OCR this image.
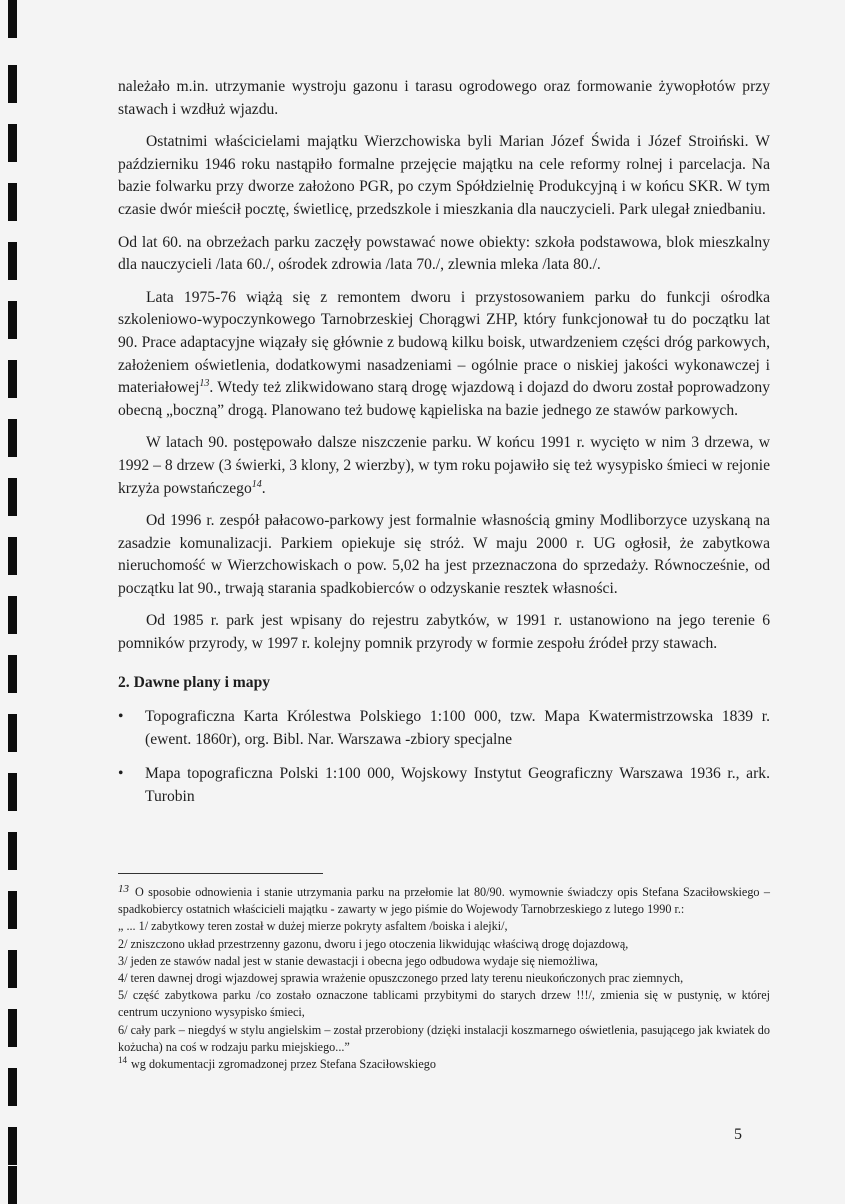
należało m.in. utrzymanie wystroju gazonu i tarasu ogrodowego oraz formowanie żywopłotów przy stawach i wzdłuż wjazdu.

Ostatnimi właścicielami majątku Wierzchowiska byli Marian Józef Świda i Józef Stroiński. W październiku 1946 roku nastąpiło formalne przejęcie majątku na cele reformy rolnej i parcelacja. Na bazie folwarku przy dworze założono PGR, po czym Spółdzielnię Produkcyjną i w końcu SKR. W tym czasie dwór mieścił pocztę, świetlicę, przedszkole i mieszkania dla nauczycieli. Park ulegał zniedbaniu.

Od lat 60. na obrzeżach parku zaczęły powstawać nowe obiekty: szkoła podstawowa, blok mieszkalny dla nauczycieli /lata 60./, ośrodek zdrowia /lata 70./, zlewnia mleka /lata 80./.

Lata 1975-76 wiążą się z remontem dworu i przystosowaniem parku do funkcji ośrodka szkoleniowo-wypoczynkowego Tarnobrzeskiej Chorągwi ZHP, który funkcjonował tu do początku lat 90. Prace adaptacyjne wiązały się głównie z budową kilku boisk, utwardzeniem części dróg parkowych, założeniem oświetlenia, dodatkowymi nasadzeniami – ogólnie prace o niskiej jakości wykonawczej i materiałowej$^{13}$. Wtedy też zlikwidowano starą drogę wjazdową i dojazd do dworu został poprowadzony obecną „boczną” drogą. Planowano też budowę kąpieliska na bazie jednego ze stawów parkowych.

W latach 90. postępowało dalsze niszczenie parku. W końcu 1991 r. wycięto w nim 3 drzewa, w 1992 – 8 drzew (3 świerki, 3 klony, 2 wierzby), w tym roku pojawiło się też wysypisko śmieci w rejonie krzyża powstańczego$^{14}$.

Od 1996 r. zespół pałacowo-parkowy jest formalnie własnością gminy Modliborzyce uzyskaną na zasadzie komunalizacji. Parkiem opiekuje się stróż. W maju 2000 r. UG ogłosił, że zabytkowa nieruchomość w Wierzchowiskach o pow. 5,02 ha jest przeznaczona do sprzedaży. Równocześnie, od początku lat 90., trwają starania spadkobierców o odzyskanie resztek własności.

Od 1985 r. park jest wpisany do rejestru zabytków, w 1991 r. ustanowiono na jego terenie 6 pomników przyrody, w 1997 r. kolejny pomnik przyrody w formie zespołu źródeł przy stawach.

2. Dawne plany i mapy
• Topograficzna Karta Królestwa Polskiego 1:100 000, tzw. Mapa Kwatermistrzowska 1839 r. (ewent. 1860r), org. Bibl. Nar. Warszawa -zbiory specjalne
• Mapa topograficzna Polski 1:100 000, Wojskowy Instytut Geograficzny Warszawa 1936 r., ark. Turobin
13 O sposobie odnowienia i stanie utrzymania parku na przełomie lat 80/90. wymownie świadczy opis Stefana Szaciłowskiego – spadkobiercy ostatnich właścicieli majątku - zawarty w jego piśmie do Wojewody Tarnobrzeskiego z lutego 1990 r.:
„ ... 1/ zabytkowy teren został w dużej mierze pokryty asfaltem /boiska i alejki/,
2/ zniszczono układ przestrzenny gazonu, dworu i jego otoczenia likwidując właściwą drogę dojazdową,
3/ jeden ze stawów nadal jest w stanie dewastacji i obecna jego odbudowa wydaje się niemożliwa,
4/ teren dawnej drogi wjazdowej sprawia wrażenie opuszczonego przed laty terenu nieukończonych prac ziemnych,
5/ część zabytkowa parku /co zostało oznaczone tablicami przybitymi do starych drzew !!!/, zmienia się w pustynię, w której centrum uczyniono wysypisko śmieci,
6/ cały park – niegdyś w stylu angielskim – został przerobiony (dzięki instalacji koszmarnego oświetlenia, pasującego jak kwiatek do kożucha) na coś w rodzaju parku miejskiego...”
$^{14}$ wg dokumentacji zgromadzonej przez Stefana Szaciłowskiego
5
